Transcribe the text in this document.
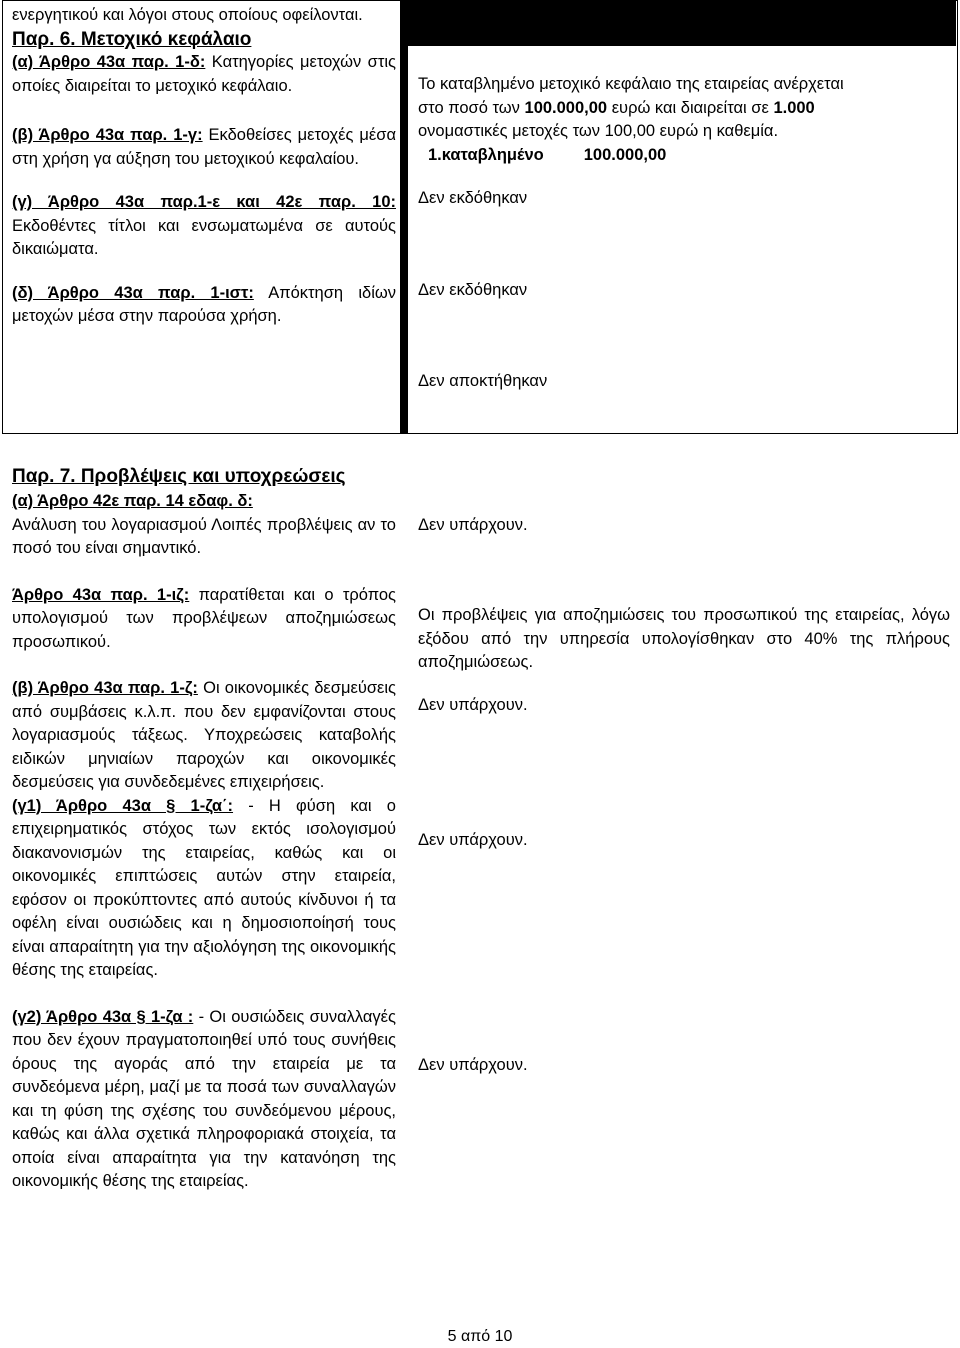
ενεργητικού και λόγοι στους οποίους οφείλονται.

Παρ. 6. Μετοχικό κεφάλαιο

(α) Άρθρο 43α παρ. 1-δ: Κατηγορίες μετοχών στις οποίες διαιρείται το μετοχικό κεφάλαιο.

(β) Άρθρο 43α παρ. 1-γ: Εκδοθείσες μετοχές μέσα στη χρήση γα αύξηση του μετοχικού κεφαλαίου.

(γ) Άρθρο 43α παρ.1-ε και 42ε παρ. 10: Εκδοθέντες τίτλοι και ενσωματωμένα σε αυτούς δικαιώματα.

(δ) Άρθρο 43α παρ. 1-ιστ: Απόκτηση ιδίων μετοχών μέσα στην παρούσα χρήση.

Το καταβλημένο μετοχικό κεφάλαιο της εταιρείας ανέρχεται

στο ποσό των 100.000,00 ευρώ και διαιρείται σε 1.000

ονομαστικές μετοχές των 100,00 ευρώ η καθεμία.

1.καταβλημένο 100.000,00

Δεν εκδόθηκαν

Δεν εκδόθηκαν

Δεν αποκτήθηκαν

Παρ. 7. Προβλέψεις και υποχρεώσεις

(α) Άρθρο 42ε παρ. 14 εδαφ. δ:

Ανάλυση του λογαριασμού Λοιπές προβλέψεις αν το ποσό του είναι σημαντικό.

Άρθρο 43α παρ. 1-ιζ: παρατίθεται και ο τρόπος υπολογισμού των προβλέψεων αποζημιώσεως προσωπικού.

(β) Άρθρο 43α παρ. 1-ζ: Οι οικονομικές δεσμεύσεις από συμβάσεις κ.λ.π. που δεν εμφανίζονται στους λογαριασμούς τάξεως. Υποχρεώσεις καταβολής ειδικών μηνιαίων παροχών και οικονομικές δεσμεύσεις για συνδεδεμένες επιχειρήσεις.

(γ1) Άρθρο 43α § 1-ζα΄: - Η φύση και ο επιχειρηματικός στόχος των εκτός ισολογισμού διακανονισμών της εταιρείας, καθώς και οι οικονομικές επιπτώσεις αυτών στην εταιρεία, εφόσον οι προκύπτοντες από αυτούς κίνδυνοι ή τα οφέλη είναι ουσιώδεις και η δημοσιοποίησή τους είναι απαραίτητη για την αξιολόγηση της οικονομικής θέσης της εταιρείας.

(γ2) Άρθρο 43α § 1-ζα : - Οι ουσιώδεις συναλλαγές που δεν έχουν πραγματοποιηθεί υπό τους συνήθεις όρους της αγοράς από την εταιρεία με τα συνδεόμενα μέρη, μαζί με τα ποσά των συναλλαγών και τη φύση της σχέσης του συνδεόμενου μέρους, καθώς και άλλα σχετικά πληροφοριακά στοιχεία, τα οποία είναι απαραίτητα για την κατανόηση της οικονομικής θέσης της εταιρείας.

Δεν υπάρχουν.

Οι προβλέψεις για αποζημιώσεις του προσωπικού της εταιρείας, λόγω εξόδου από την υπηρεσία υπολογίσθηκαν στο 40% της πλήρους αποζημιώσεως.

Δεν υπάρχουν.

Δεν υπάρχουν.

Δεν υπάρχουν.

5 από 10
